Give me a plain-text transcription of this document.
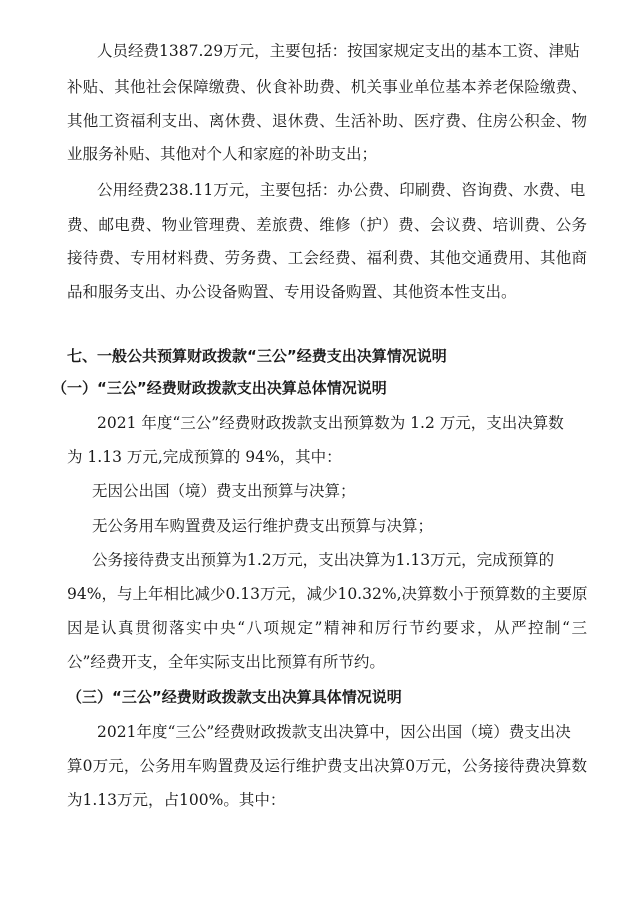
人员经费1387.29万元，主要包括：按国家规定支出的基本工资、津贴
补贴、其他社会保障缴费、伙食补助费、机关事业单位基本养老保险缴费、
其他工资福利支出、离休费、退休费、生活补助、医疗费、住房公积金、物
业服务补贴、其他对个人和家庭的补助支出；
公用经费238.11万元，主要包括：办公费、印刷费、咨询费、水费、电
费、邮电费、物业管理费、差旅费、维修（护）费、会议费、培训费、公务
接待费、专用材料费、劳务费、工会经费、福利费、其他交通费用、其他商
品和服务支出、办公设备购置、专用设备购置、其他资本性支出。
七、一般公共预算财政拨款“三公”经费支出决算情况说明
（一）“三公”经费财政拨款支出决算总体情况说明
2021 年度“三公”经费财政拨款支出预算数为 1.2 万元，支出决算数
为 1.13 万元,完成预算的 94%，其中：
无因公出国（境）费支出预算与决算；
无公务用车购置费及运行维护费支出预算与决算；
公务接待费支出预算为1.2万元，支出决算为1.13万元，完成预算的
94%，与上年相比减少0.13万元，减少10.32%,决算数小于预算数的主要原
因是认真贯彻落实中央“八项规定”精神和厉行节约要求，从严控制“三
公”经费开支，全年实际支出比预算有所节约。
（三）“三公”经费财政拨款支出决算具体情况说明
2021年度“三公”经费财政拨款支出决算中，因公出国（境）费支出决
算0万元，公务用车购置费及运行维护费支出决算0万元，公务接待费决算数
为1.13万元，占100%。其中：
